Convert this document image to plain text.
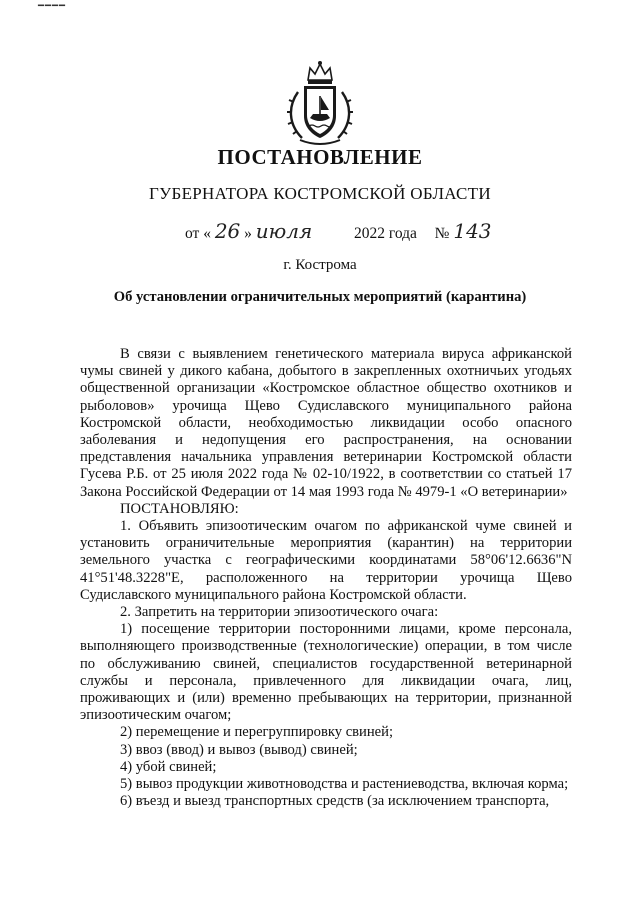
▔▔▔▔
ПОСТАНОВЛЕНИЕ
ГУБЕРНАТОРА КОСТРОМСКОЙ ОБЛАСТИ
от « 26 » июля	2022 года № 143
г. Кострома
Об установлении ограничительных мероприятий (карантина)

В связи с выявлением генетического материала вируса африканской чумы свиней у дикого кабана, добытого в закрепленных охотничьих угодьях общественной организации «Костромское областное общество охотников и рыболовов» урочища Щево Судиславского муниципального района Костромской области, необходимостью ликвидации особо опасного заболевания и недопущения его распространения, на основании представления начальника управления ветеринарии Костромской области Гусева Р.Б. от 25 июля 2022 года № 02-10/1922, в соответствии со статьей 17 Закона Российской Федерации от 14 мая 1993 года № 4979-1 «О ветеринарии»

ПОСТАНОВЛЯЮ:

1. Объявить эпизоотическим очагом по африканской чуме свиней и установить ограничительные мероприятия (карантин) на территории земельного участка с географическими координатами 58°06'12.6636"N 41°51'48.3228"E, расположенного на территории урочища Щево Судиславского муниципального района Костромской области.

2. Запретить на территории эпизоотического очага:

1) посещение территории посторонними лицами, кроме персонала, выполняющего производственные (технологические) операции, в том числе по обслуживанию свиней, специалистов государственной ветеринарной службы и персонала, привлеченного для ликвидации очага, лиц, проживающих и (или) временно пребывающих на территории, признанной эпизоотическим очагом;

2) перемещение и перегруппировку свиней;

3) ввоз (ввод) и вывоз (вывод) свиней;

4) убой свиней;

5) вывоз продукции животноводства и растениеводства, включая корма;

6) въезд и выезд транспортных средств (за исключением транспорта,
